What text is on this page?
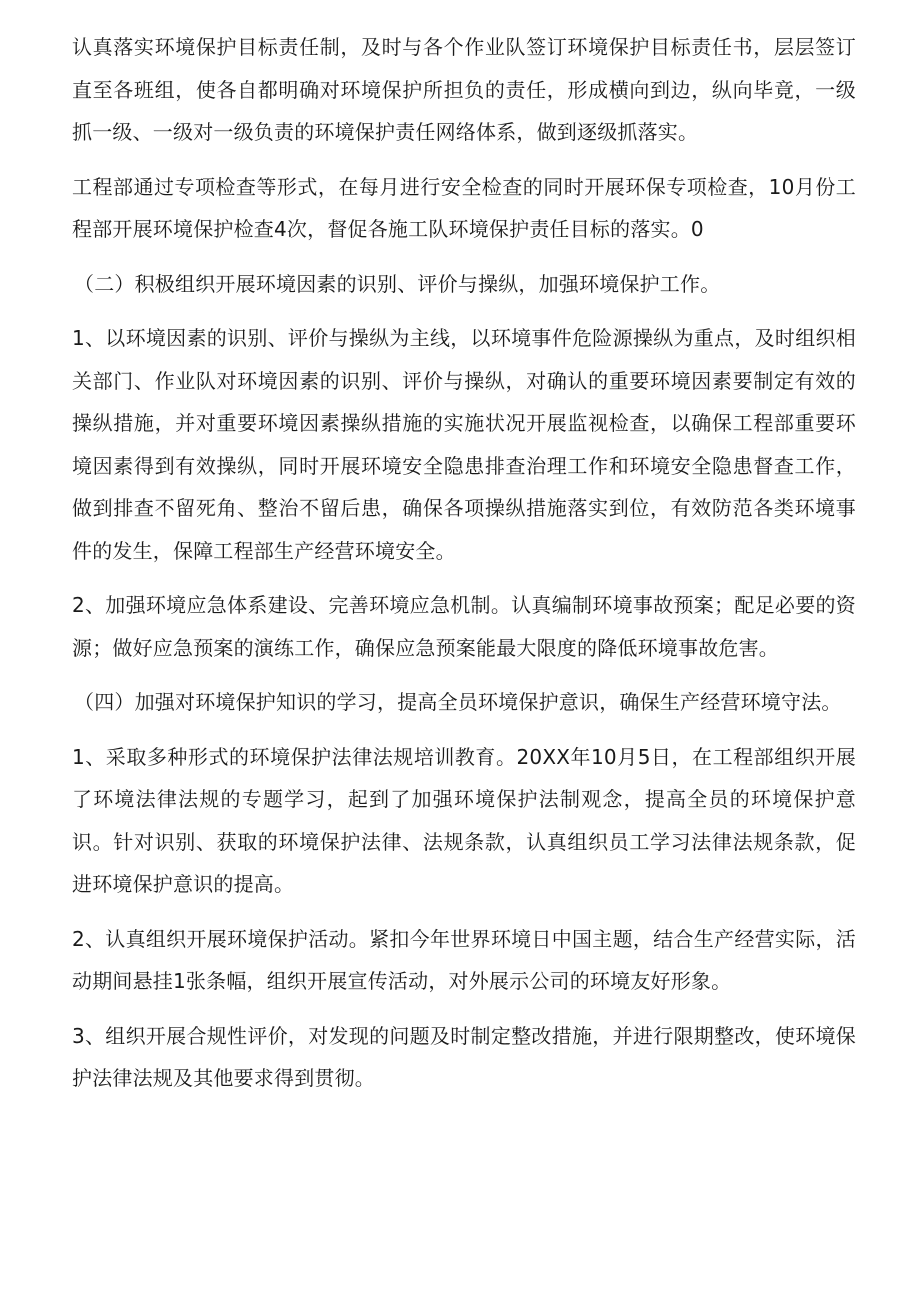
认真落实环境保护目标责任制，及时与各个作业队签订环境保护目标责任书，层层签订直至各班组，使各自都明确对环境保护所担负的责任，形成横向到边，纵向毕竟，一级抓一级、一级对一级负责的环境保护责任网络体系，做到逐级抓落实。

工程部通过专项检查等形式，在每月进行安全检查的同时开展环保专项检查，10月份工程部开展环境保护检查4次，督促各施工队环境保护责任目标的落实。0

（二）积极组织开展环境因素的识别、评价与操纵，加强环境保护工作。

1、以环境因素的识别、评价与操纵为主线，以环境事件危险源操纵为重点，及时组织相关部门、作业队对环境因素的识别、评价与操纵，对确认的重要环境因素要制定有效的操纵措施，并对重要环境因素操纵措施的实施状况开展监视检查，以确保工程部重要环境因素得到有效操纵，同时开展环境安全隐患排查治理工作和环境安全隐患督查工作，做到排查不留死角、整治不留后患，确保各项操纵措施落实到位，有效防范各类环境事件的发生，保障工程部生产经营环境安全。

2、加强环境应急体系建设、完善环境应急机制。认真编制环境事故预案；配足必要的资源；做好应急预案的演练工作，确保应急预案能最大限度的降低环境事故危害。

（四）加强对环境保护知识的学习，提高全员环境保护意识，确保生产经营环境守法。

1、采取多种形式的环境保护法律法规培训教育。20XX年10月5日，在工程部组织开展了环境法律法规的专题学习，起到了加强环境保护法制观念，提高全员的环境保护意识。针对识别、获取的环境保护法律、法规条款，认真组织员工学习法律法规条款，促进环境保护意识的提高。

2、认真组织开展环境保护活动。紧扣今年世界环境日中国主题，结合生产经营实际，活动期间悬挂1张条幅，组织开展宣传活动，对外展示公司的环境友好形象。

3、组织开展合规性评价，对发现的问题及时制定整改措施，并进行限期整改，使环境保护法律法规及其他要求得到贯彻。
